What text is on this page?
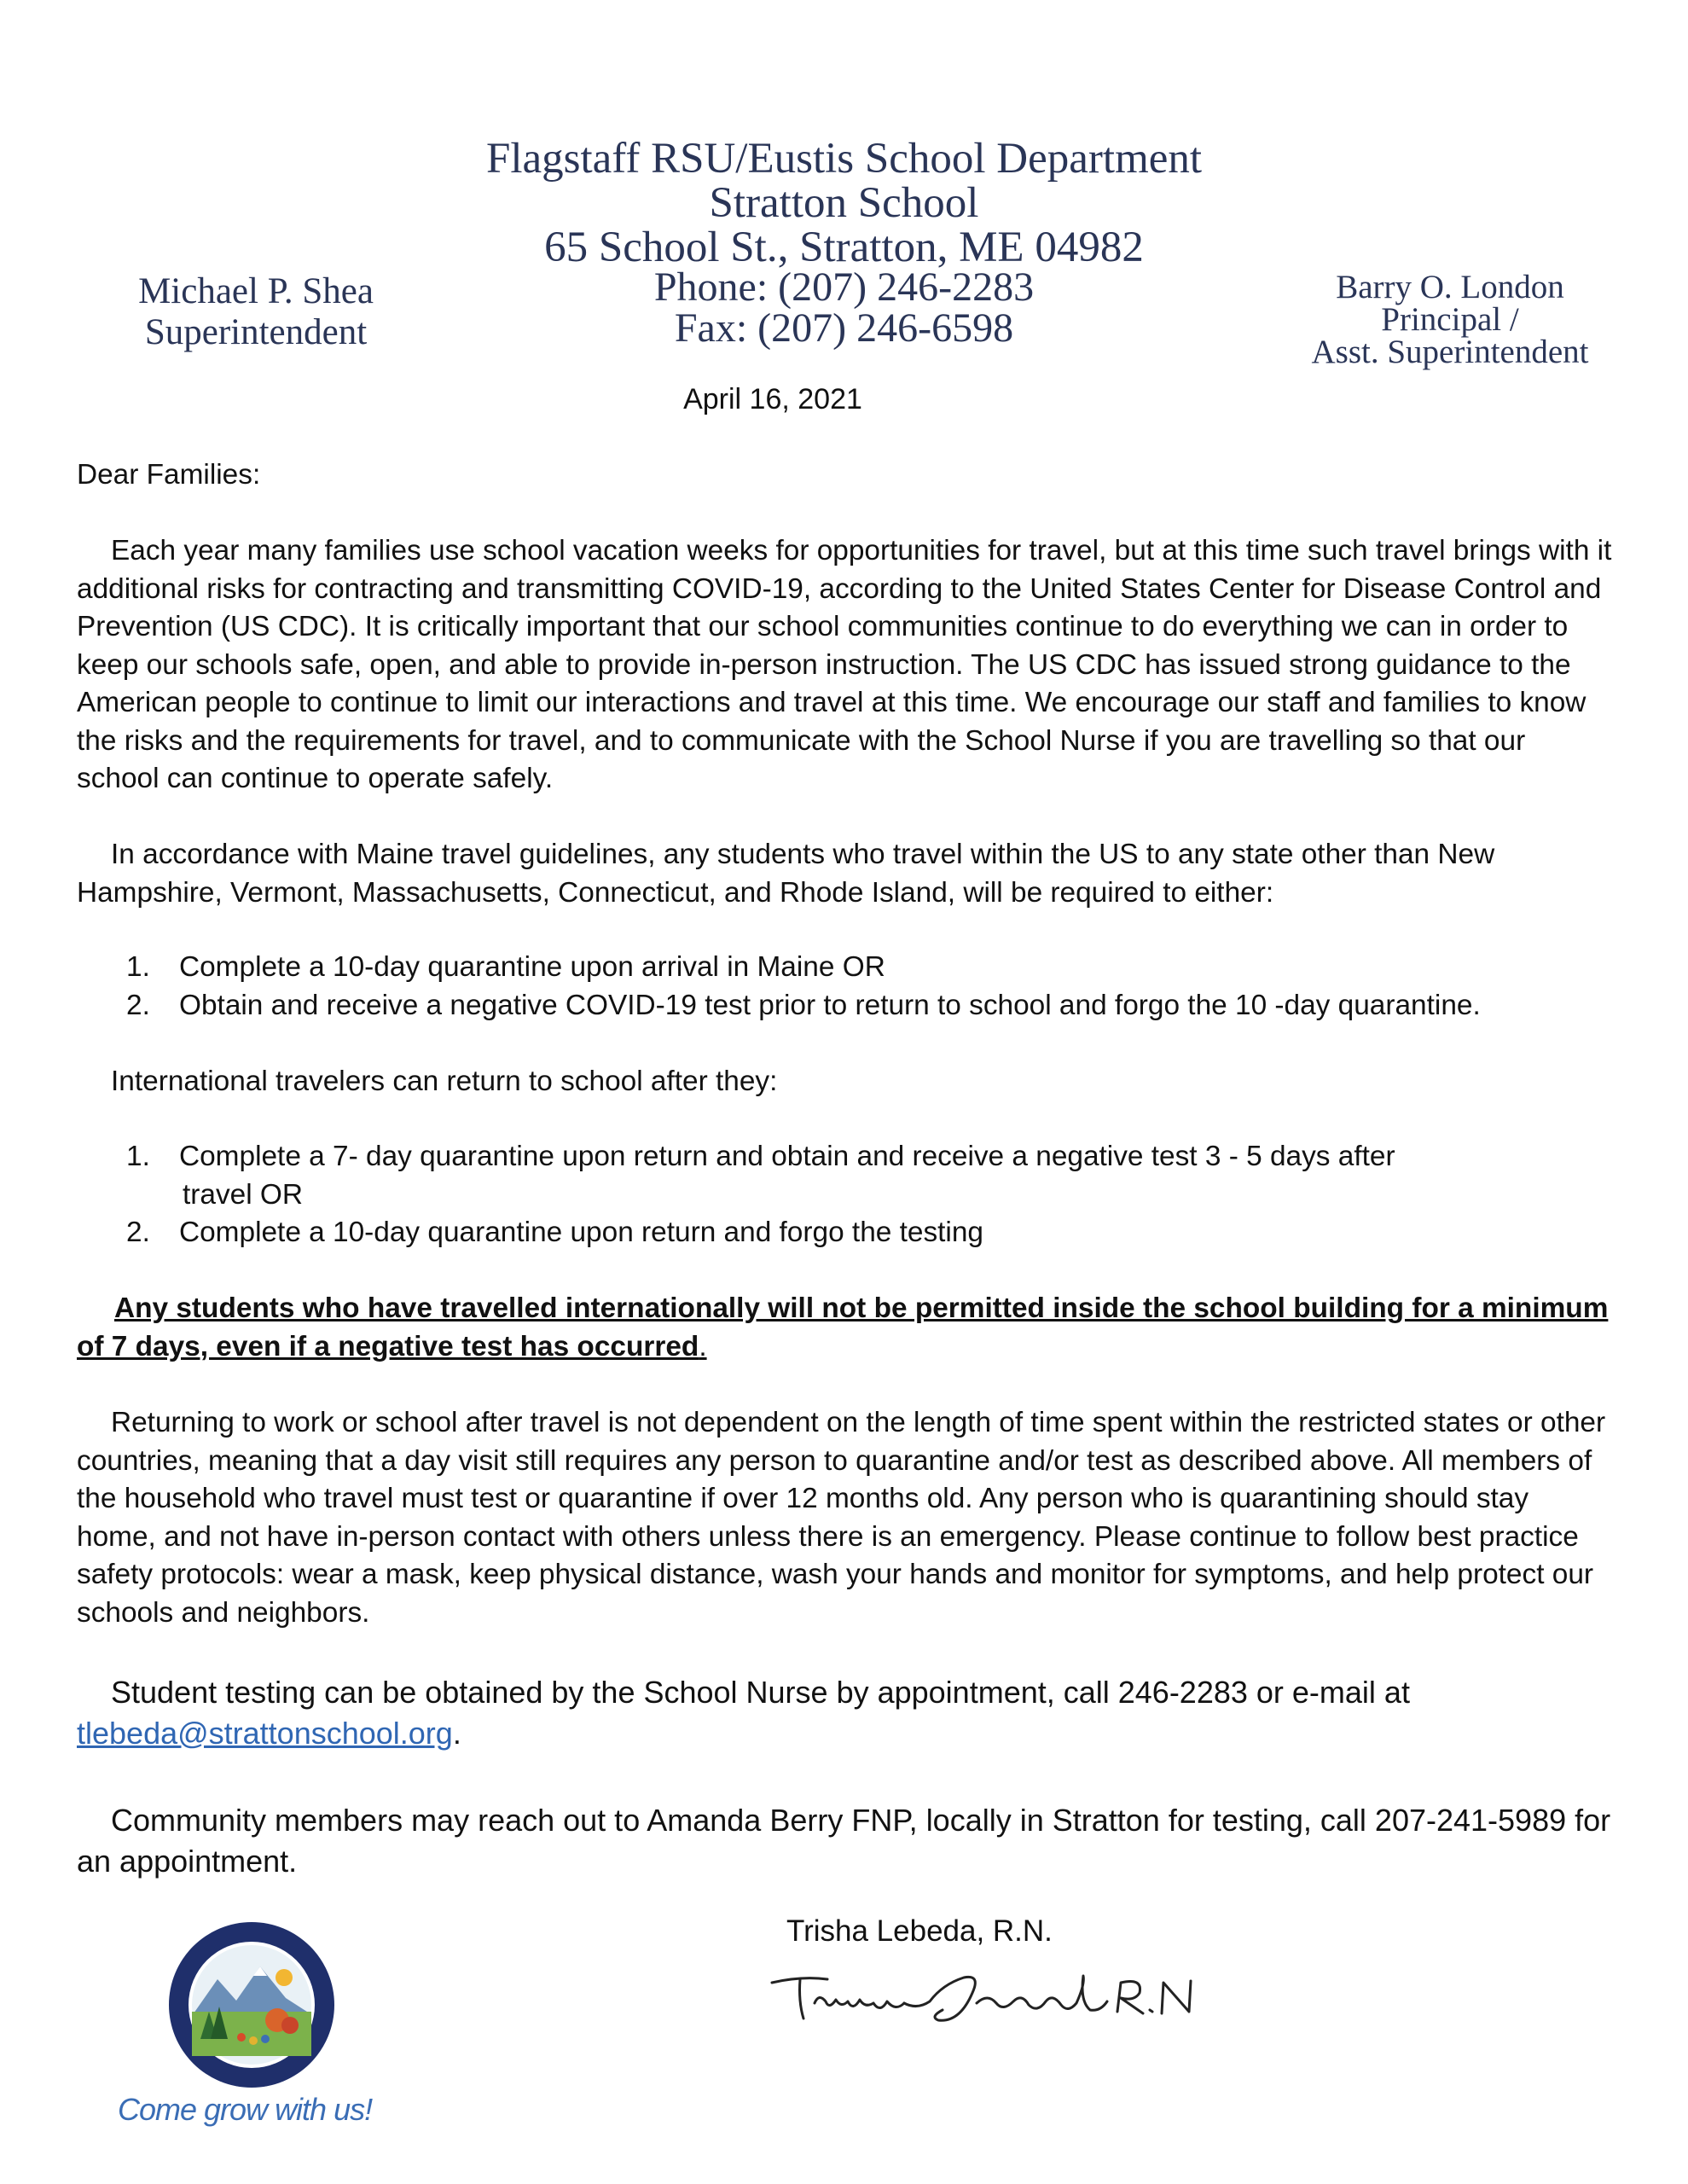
Flagstaff RSU/Eustis School Department
Stratton School
65 School St., Stratton, ME 04982
Phone: (207) 246-2283
Fax: (207) 246-6598
Michael P. Shea
Superintendent
Barry O. London
Principal /
Asst. Superintendent
April 16, 2021
Dear Families:

Each year many families use school vacation weeks for opportunities for travel, but at this time such travel brings with it additional risks for contracting and transmitting COVID-19, according to the United States Center for Disease Control and Prevention (US CDC). It is critically important that our school communities continue to do everything we can in order to keep our schools safe, open, and able to provide in-person instruction. The US CDC has issued strong guidance to the American people to continue to limit our interactions and travel at this time. We encourage our staff and families to know the risks and the requirements for travel, and to communicate with the School Nurse if you are travelling so that our school can continue to operate safely.

In accordance with Maine travel guidelines, any students who travel within the US to any state other than New Hampshire, Vermont, Massachusetts, Connecticut, and Rhode Island, will be required to either:

1. Complete a 10-day quarantine upon arrival in Maine OR
2. Obtain and receive a negative COVID-19 test prior to return to school and forgo the 10 -day quarantine.

International travelers can return to school after they:

1. Complete a 7- day quarantine upon return and obtain and receive a negative test 3 - 5 days after
travel OR
2. Complete a 10-day quarantine upon return and forgo the testing
Any students who have travelled internationally will not be permitted inside the school building for a minimum of 7 days, even if a negative test has occurred.

Returning to work or school after travel is not dependent on the length of time spent within the restricted states or other countries, meaning that a day visit still requires any person to quarantine and/or test as described above. All members of the household who travel must test or quarantine if over 12 months old. Any person who is quarantining should stay home, and not have in-person contact with others unless there is an emergency. Please continue to follow best practice safety protocols: wear a mask, keep physical distance, wash your hands and monitor for symptoms, and help protect our schools and neighbors.

Student testing can be obtained by the School Nurse by appointment, call 246-2283 or e-mail at tlebeda@strattonschool.org.

Community members may reach out to Amanda Berry FNP, locally in Stratton for testing, call 207-241-5989 for an appointment.

Trisha Lebeda, R.N.
Come grow with us!
